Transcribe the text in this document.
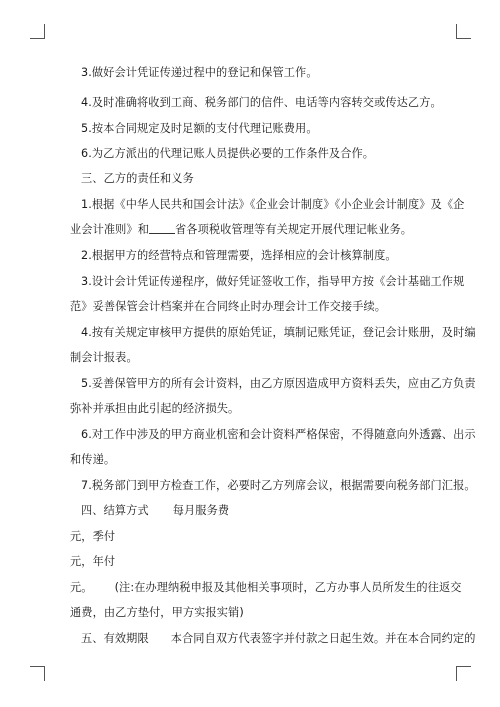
3.做好会计凭证传递过程中的登记和保管工作。
4.及时准确将收到工商、税务部门的信件、电话等内容转交或传达乙方。
5.按本合同规定及时足额的支付代理记账费用。
6.为乙方派出的代理记账人员提供必要的工作条件及合作。
三、乙方的责任和义务
1.根据《中华人民共和国会计法》《企业会计制度》《小企业会计制度》及《企
业会计准则》和 省各项税收管理等有关规定开展代理记帐业务。
2.根据甲方的经营特点和管理需要，选择相应的会计核算制度。
3.设计会计凭证传递程序，做好凭证签收工作，指导甲方按《会计基础工作规
范》妥善保管会计档案并在合同终止时办理会计工作交接手续。
4.按有关规定审核甲方提供的原始凭证，填制记账凭证，登记会计账册，及时编
制会计报表。
5.妥善保管甲方的所有会计资料，由乙方原因造成甲方资料丢失，应由乙方负责
弥补并承担由此引起的经济损失。
6.对工作中涉及的甲方商业机密和会计资料严格保密，不得随意向外透露、出示
和传递。
7.税务部门到甲方检查工作，必要时乙方列席会议，根据需要向税务部门汇报。
四、结算方式 每月服务费
元，季付
元，年付
元。 (注:在办理纳税申报及其他相关事项时，乙方办事人员所发生的往返交
通费，由乙方垫付，甲方实报实销)
五、有效期限 本合同自双方代表签字并付款之日起生效。并在本合同约定的
